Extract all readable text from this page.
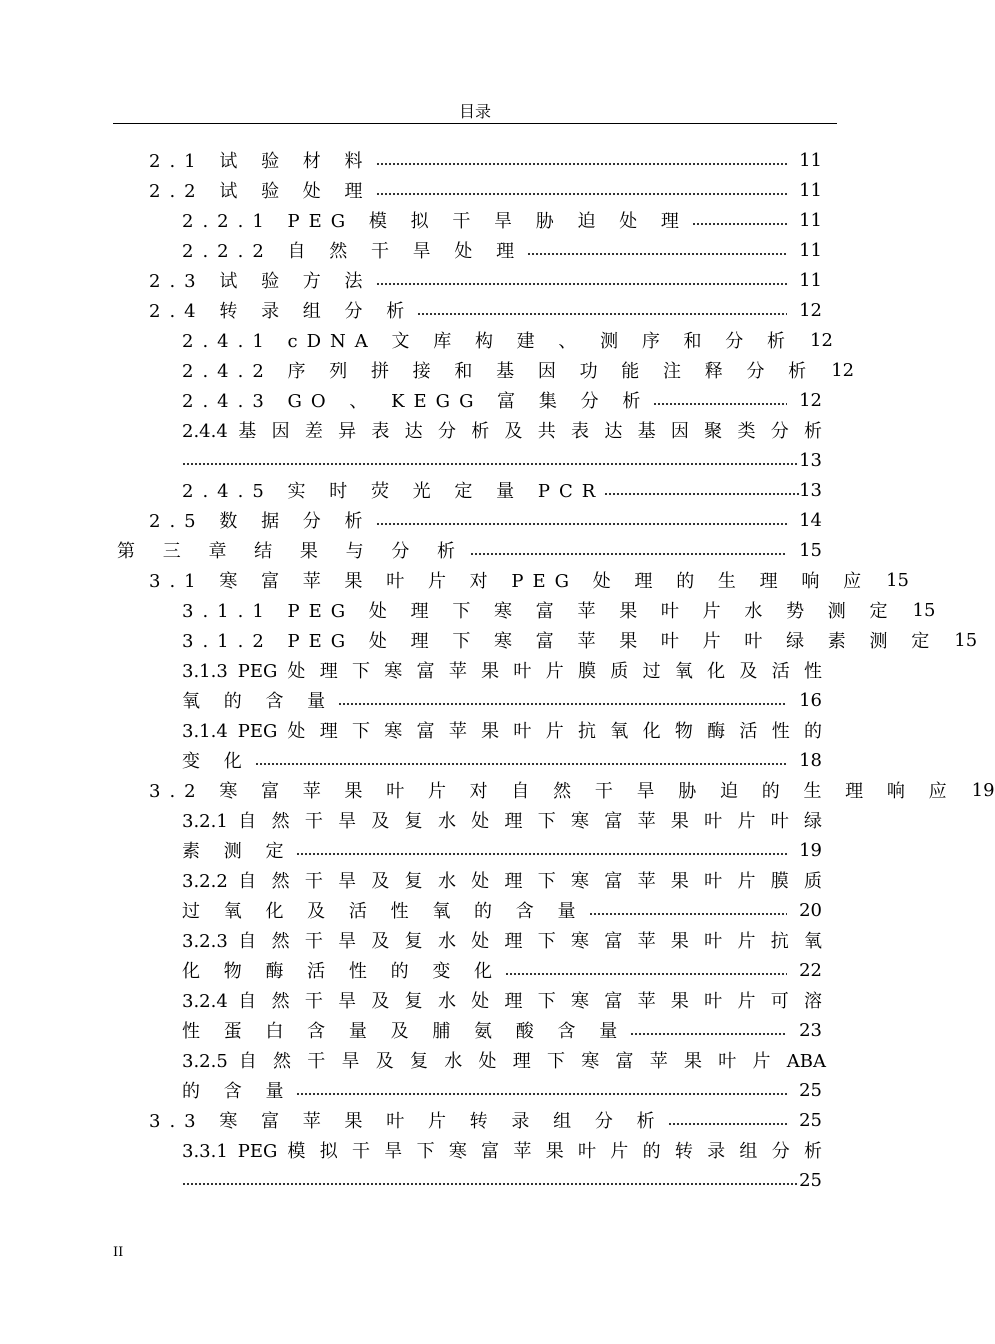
目录
2.1 试 验 材 料	11
2.2 试 验 处 理	11
2.2.1 PEG 模 拟 干 旱 胁 迫 处 理	11
2.2.2 自 然 干 旱 处 理	11
2.3 试 验 方 法	11
2.4 转 录 组 分 析	12
2.4.1 cDNA 文 库 构 建 、 测 序 和 分 析 12
2.4.2 序 列 拼 接 和 基 因 功 能 注 释 分 析 12
2.4.3 GO 、 KEGG 富 集 分 析	12
2.4.4 基 因 差 异 表 达 分 析 及 共 表 达 基 因 聚 类 分 析
13
2.4.5 实 时 荧 光 定 量 PCR	13
2.5 数 据 分 析	14
第 三 章 结 果 与 分 析	15
3.1 寒 富 苹 果 叶 片 对 PEG 处 理 的 生 理 响 应 15
3.1.1 PEG 处 理 下 寒 富 苹 果 叶 片 水 势 测 定 15
3.1.2 PEG 处 理 下 寒 富 苹 果 叶 片 叶 绿 素 测 定 15
3.1.3 PEG 处 理 下 寒 富 苹 果 叶 片 膜 质 过 氧 化 及 活 性
氧 的 含 量	16
3.1.4 PEG 处 理 下 寒 富 苹 果 叶 片 抗 氧 化 物 酶 活 性 的
变 化	18
3.2 寒 富 苹 果 叶 片 对 自 然 干 旱 胁 迫 的 生 理 响 应 19
3.2.1 自 然 干 旱 及 复 水 处 理 下 寒 富 苹 果 叶 片 叶 绿
素 测 定	19
3.2.2 自 然 干 旱 及 复 水 处 理 下 寒 富 苹 果 叶 片 膜 质
过 氧 化 及 活 性 氧 的 含 量	20
3.2.3 自 然 干 旱 及 复 水 处 理 下 寒 富 苹 果 叶 片 抗 氧
化 物 酶 活 性 的 变 化	22
3.2.4 自 然 干 旱 及 复 水 处 理 下 寒 富 苹 果 叶 片 可 溶
性 蛋 白 含 量 及 脯 氨 酸 含 量	23
3.2.5 自 然 干 旱 及 复 水 处 理 下 寒 富 苹 果 叶 片 ABA
的 含 量	25
3.3 寒 富 苹 果 叶 片 转 录 组 分 析	25
3.3.1 PEG 模 拟 干 旱 下 寒 富 苹 果 叶 片 的 转 录 组 分 析
25
II
